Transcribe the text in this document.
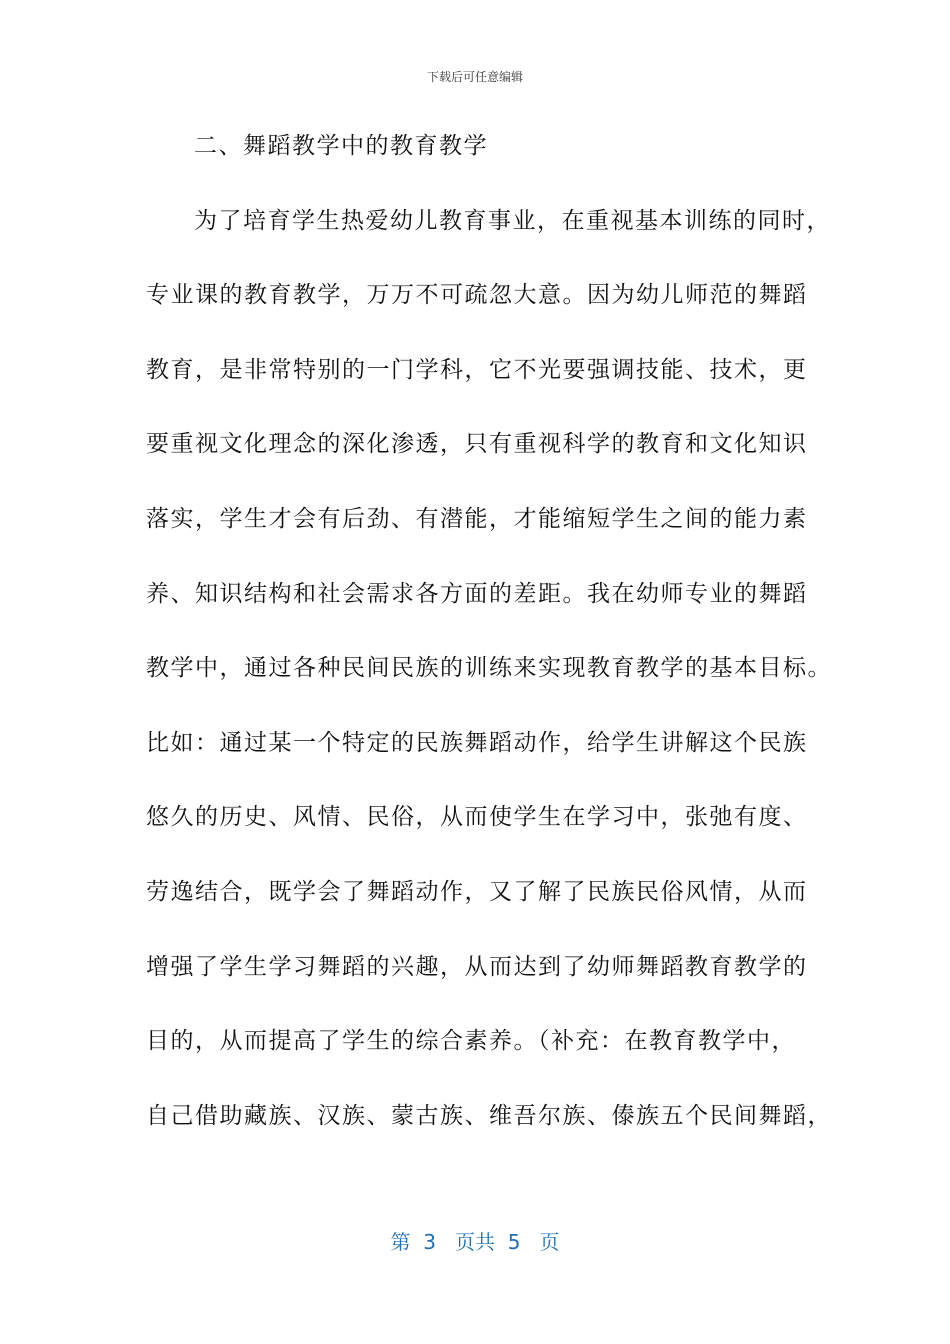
下载后可任意编辑
二、舞蹈教学中的教育教学
为了培育学生热爱幼儿教育事业，在重视基本训练的同时，
专业课的教育教学，万万不可疏忽大意。因为幼儿师范的舞蹈
教育，是非常特别的一门学科，它不光要强调技能、技术，更
要重视文化理念的深化渗透，只有重视科学的教育和文化知识
落实，学生才会有后劲、有潜能，才能缩短学生之间的能力素
养、知识结构和社会需求各方面的差距。我在幼师专业的舞蹈
教学中，通过各种民间民族的训练来实现教育教学的基本目标。
比如：通过某一个特定的民族舞蹈动作，给学生讲解这个民族
悠久的历史、风情、民俗，从而使学生在学习中，张弛有度、
劳逸结合，既学会了舞蹈动作，又了解了民族民俗风情，从而
增强了学生学习舞蹈的兴趣，从而达到了幼师舞蹈教育教学的
目的，从而提高了学生的综合素养。（补充：在教育教学中，
自己借助藏族、汉族、蒙古族、维吾尔族、傣族五个民间舞蹈，
第  3   页共  5   页
